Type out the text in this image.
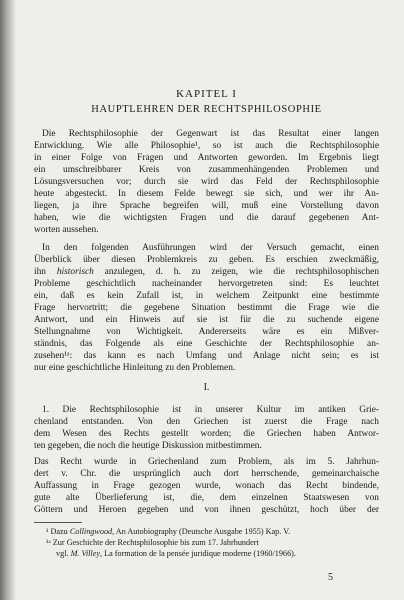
KAPITEL I
HAUPTLEHREN DER RECHTSPHILOSOPHIE
Die Rechtsphilosophie der Gegenwart ist das Resultat einer langen
Entwicklung. Wie alle Philosophie¹, so ist auch die Rechtsphilosophie
in einer Folge von Fragen und Antworten geworden. Im Ergebnis liegt
ein umschreibbarer Kreis von zusammenhängenden Problemen und
Lösungsversuchen vor; durch sie wird das Feld der Rechtsphilosophie
heute abgesteckt. In diesem Felde bewegt sie sich, und wer ihr An-
liegen, ja ihre Sprache begreifen will, muß eine Vorstellung davon
haben, wie die wichtigsten Fragen und die darauf gegebenen Ant-
worten aussehen.
In den folgenden Ausführungen wird der Versuch gemacht, einen
Überblick über diesen Problemkreis zu geben. Es erschien zweckmäßig,
ihn historisch anzulegen, d. h. zu zeigen, wie die rechtsphilosophischen
Probleme geschichtlich nacheinander hervorgetreten sind: Es leuchtet
ein, daß es kein Zufall ist, in welchem Zeitpunkt eine bestimmte
Frage hervortritt; die gegebene Situation bestimmt die Frage wie die
Antwort, und ein Hinweis auf sie ist für die zu suchende eigene
Stellungnahme von Wichtigkeit. Andererseits wäre es ein Mißver-
ständnis, das Folgende als eine Geschichte der Rechtsphilosophie an-
zusehen¹ᵃ: das kann es nach Umfang und Anlage nicht sein; es ist
nur eine geschichtliche Hinleitung zu den Problemen.
I.
1. Die Rechtsphilosophie ist in unserer Kultur im antiken Grie-
chenland entstanden. Von den Griechen ist zuerst die Frage nach
dem Wesen des Rechts gestellt worden; die Griechen haben Antwor-
ten gegeben, die noch die heutige Diskussion mitbestimmen.
Das Recht wurde in Griechenland zum Problem, als im 5. Jahrhun-
dert v. Chr. die ursprünglich auch dort herrschende, gemeinarchaische
Auffassung in Frage gezogen wurde, wonach das Recht bindende,
gute alte Überlieferung ist, die, dem einzelnen Staatswesen von
Göttern und Heroen gegeben und von ihnen geschützt, hoch über der
¹ Dazu Collingwood, An Autobiography (Deutsche Ausgabe 1955) Kap. V.
¹ᵃ Zur Geschichte der Rechtsphilosophie bis zum 17. Jahrhundert
vgl. M. Villey, La formation de la pensée juridique moderne (1960/1966).
5
